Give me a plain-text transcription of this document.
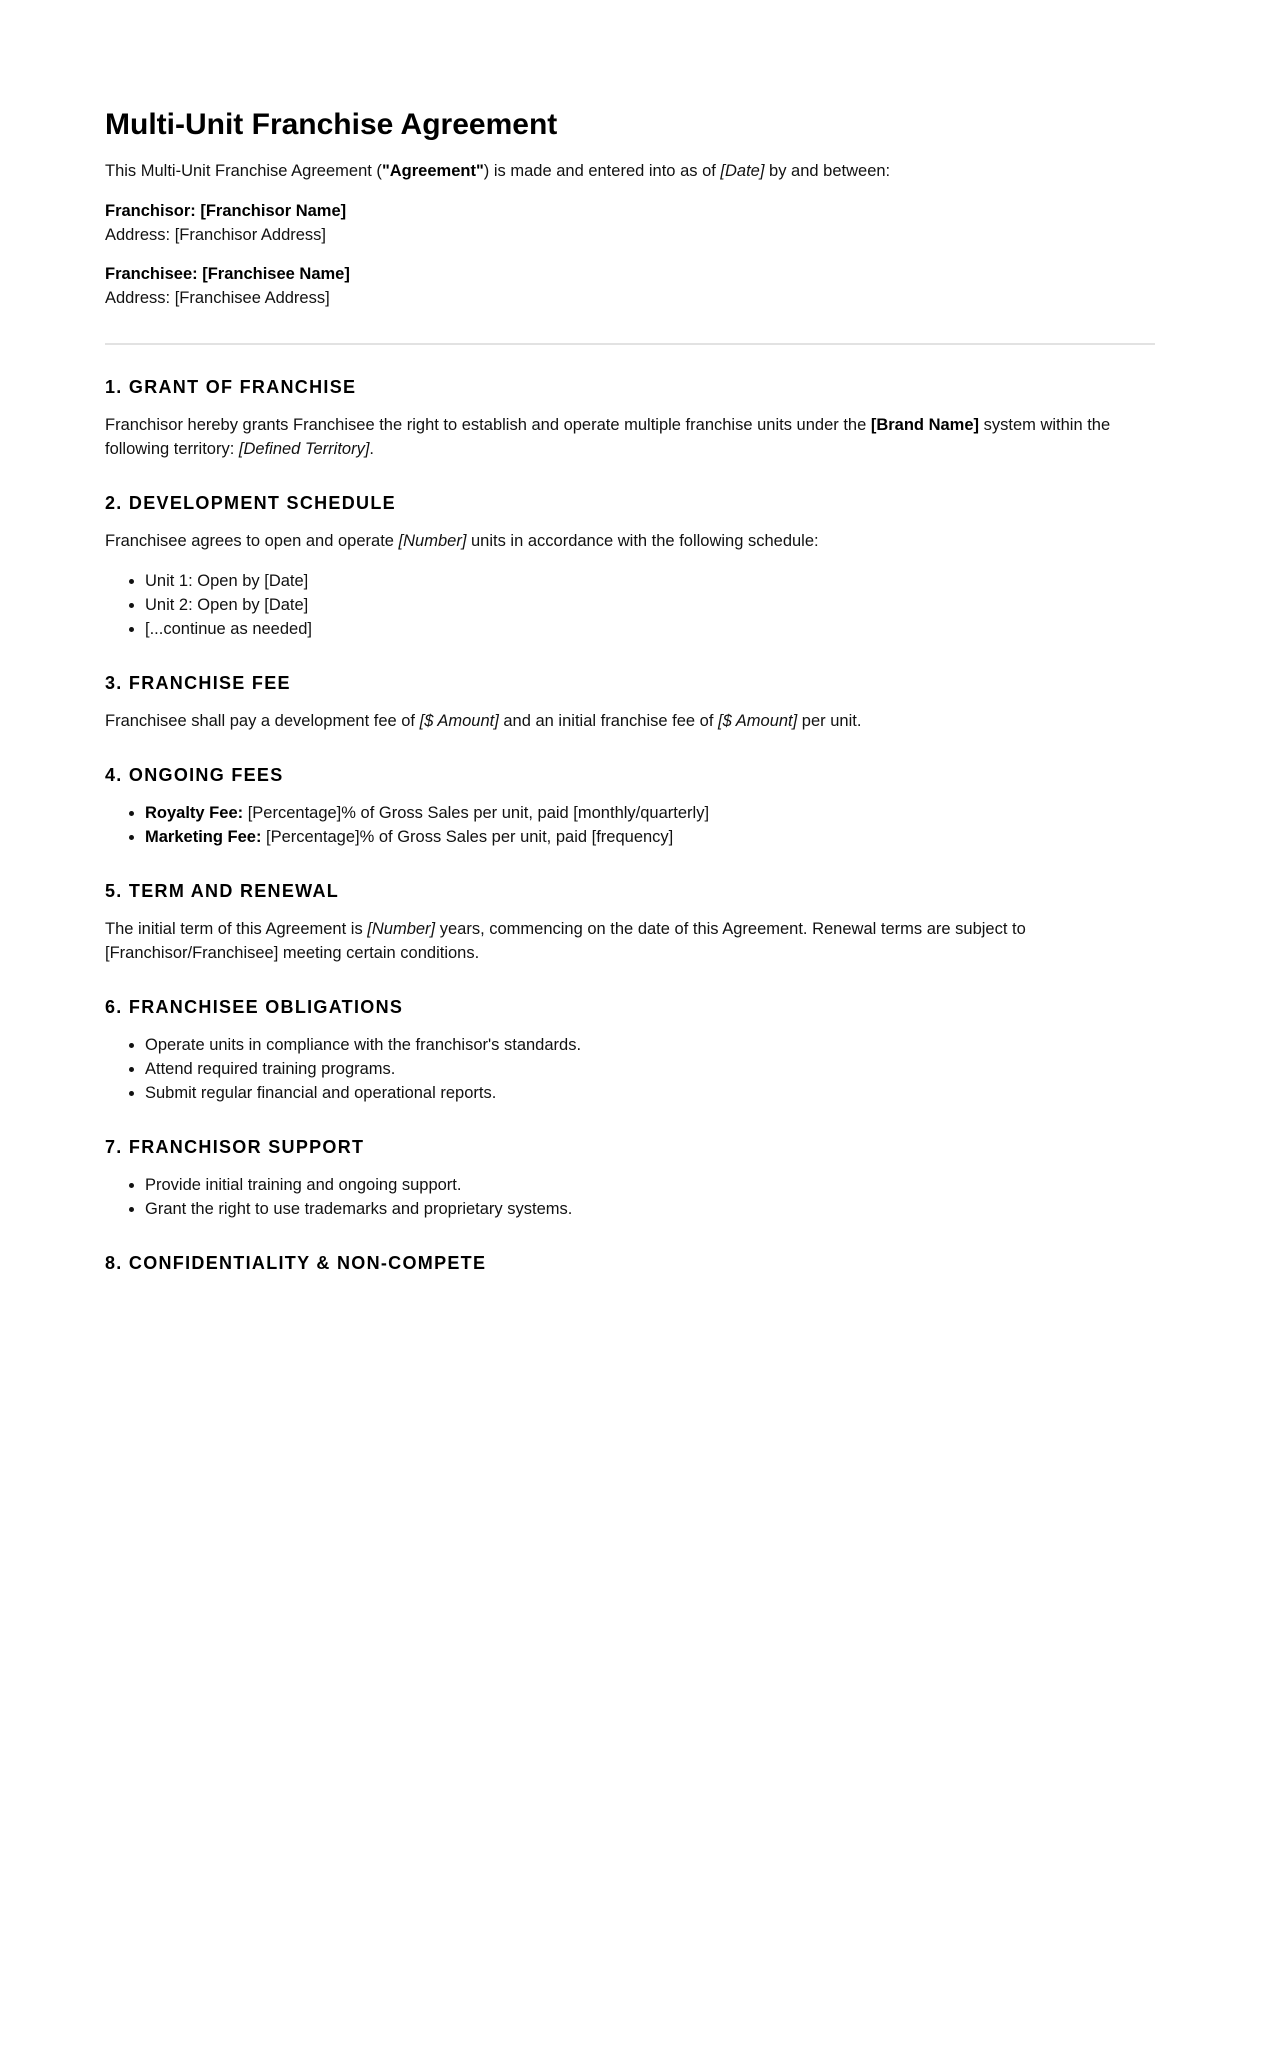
Multi-Unit Franchise Agreement

This Multi-Unit Franchise Agreement ("Agreement") is made and entered into as of [Date] by and between:

Franchisor: [Franchisor Name]
Address: [Franchisor Address]
Franchisee: [Franchisee Name]
Address: [Franchisee Address]
1. GRANT OF FRANCHISE

Franchisor hereby grants Franchisee the right to establish and operate multiple franchise units under the [Brand Name] system within the following territory: [Defined Territory].

2. DEVELOPMENT SCHEDULE

Franchisee agrees to open and operate [Number] units in accordance with the following schedule:

• Unit 1: Open by [Date]
• Unit 2: Open by [Date]
• [...continue as needed]
3. FRANCHISE FEE

Franchisee shall pay a development fee of [$ Amount] and an initial franchise fee of [$ Amount] per unit.

4. ONGOING FEES
• Royalty Fee: [Percentage]% of Gross Sales per unit, paid [monthly/quarterly]
• Marketing Fee: [Percentage]% of Gross Sales per unit, paid [frequency]
5. TERM AND RENEWAL

The initial term of this Agreement is [Number] years, commencing on the date of this Agreement. Renewal terms are subject to
[Franchisor/Franchisee] meeting certain conditions.

6. FRANCHISEE OBLIGATIONS
• Operate units in compliance with the franchisor's standards.
• Attend required training programs.
• Submit regular financial and operational reports.
7. FRANCHISOR SUPPORT
• Provide initial training and ongoing support.
• Grant the right to use trademarks and proprietary systems.
8. CONFIDENTIALITY & NON-COMPETE
